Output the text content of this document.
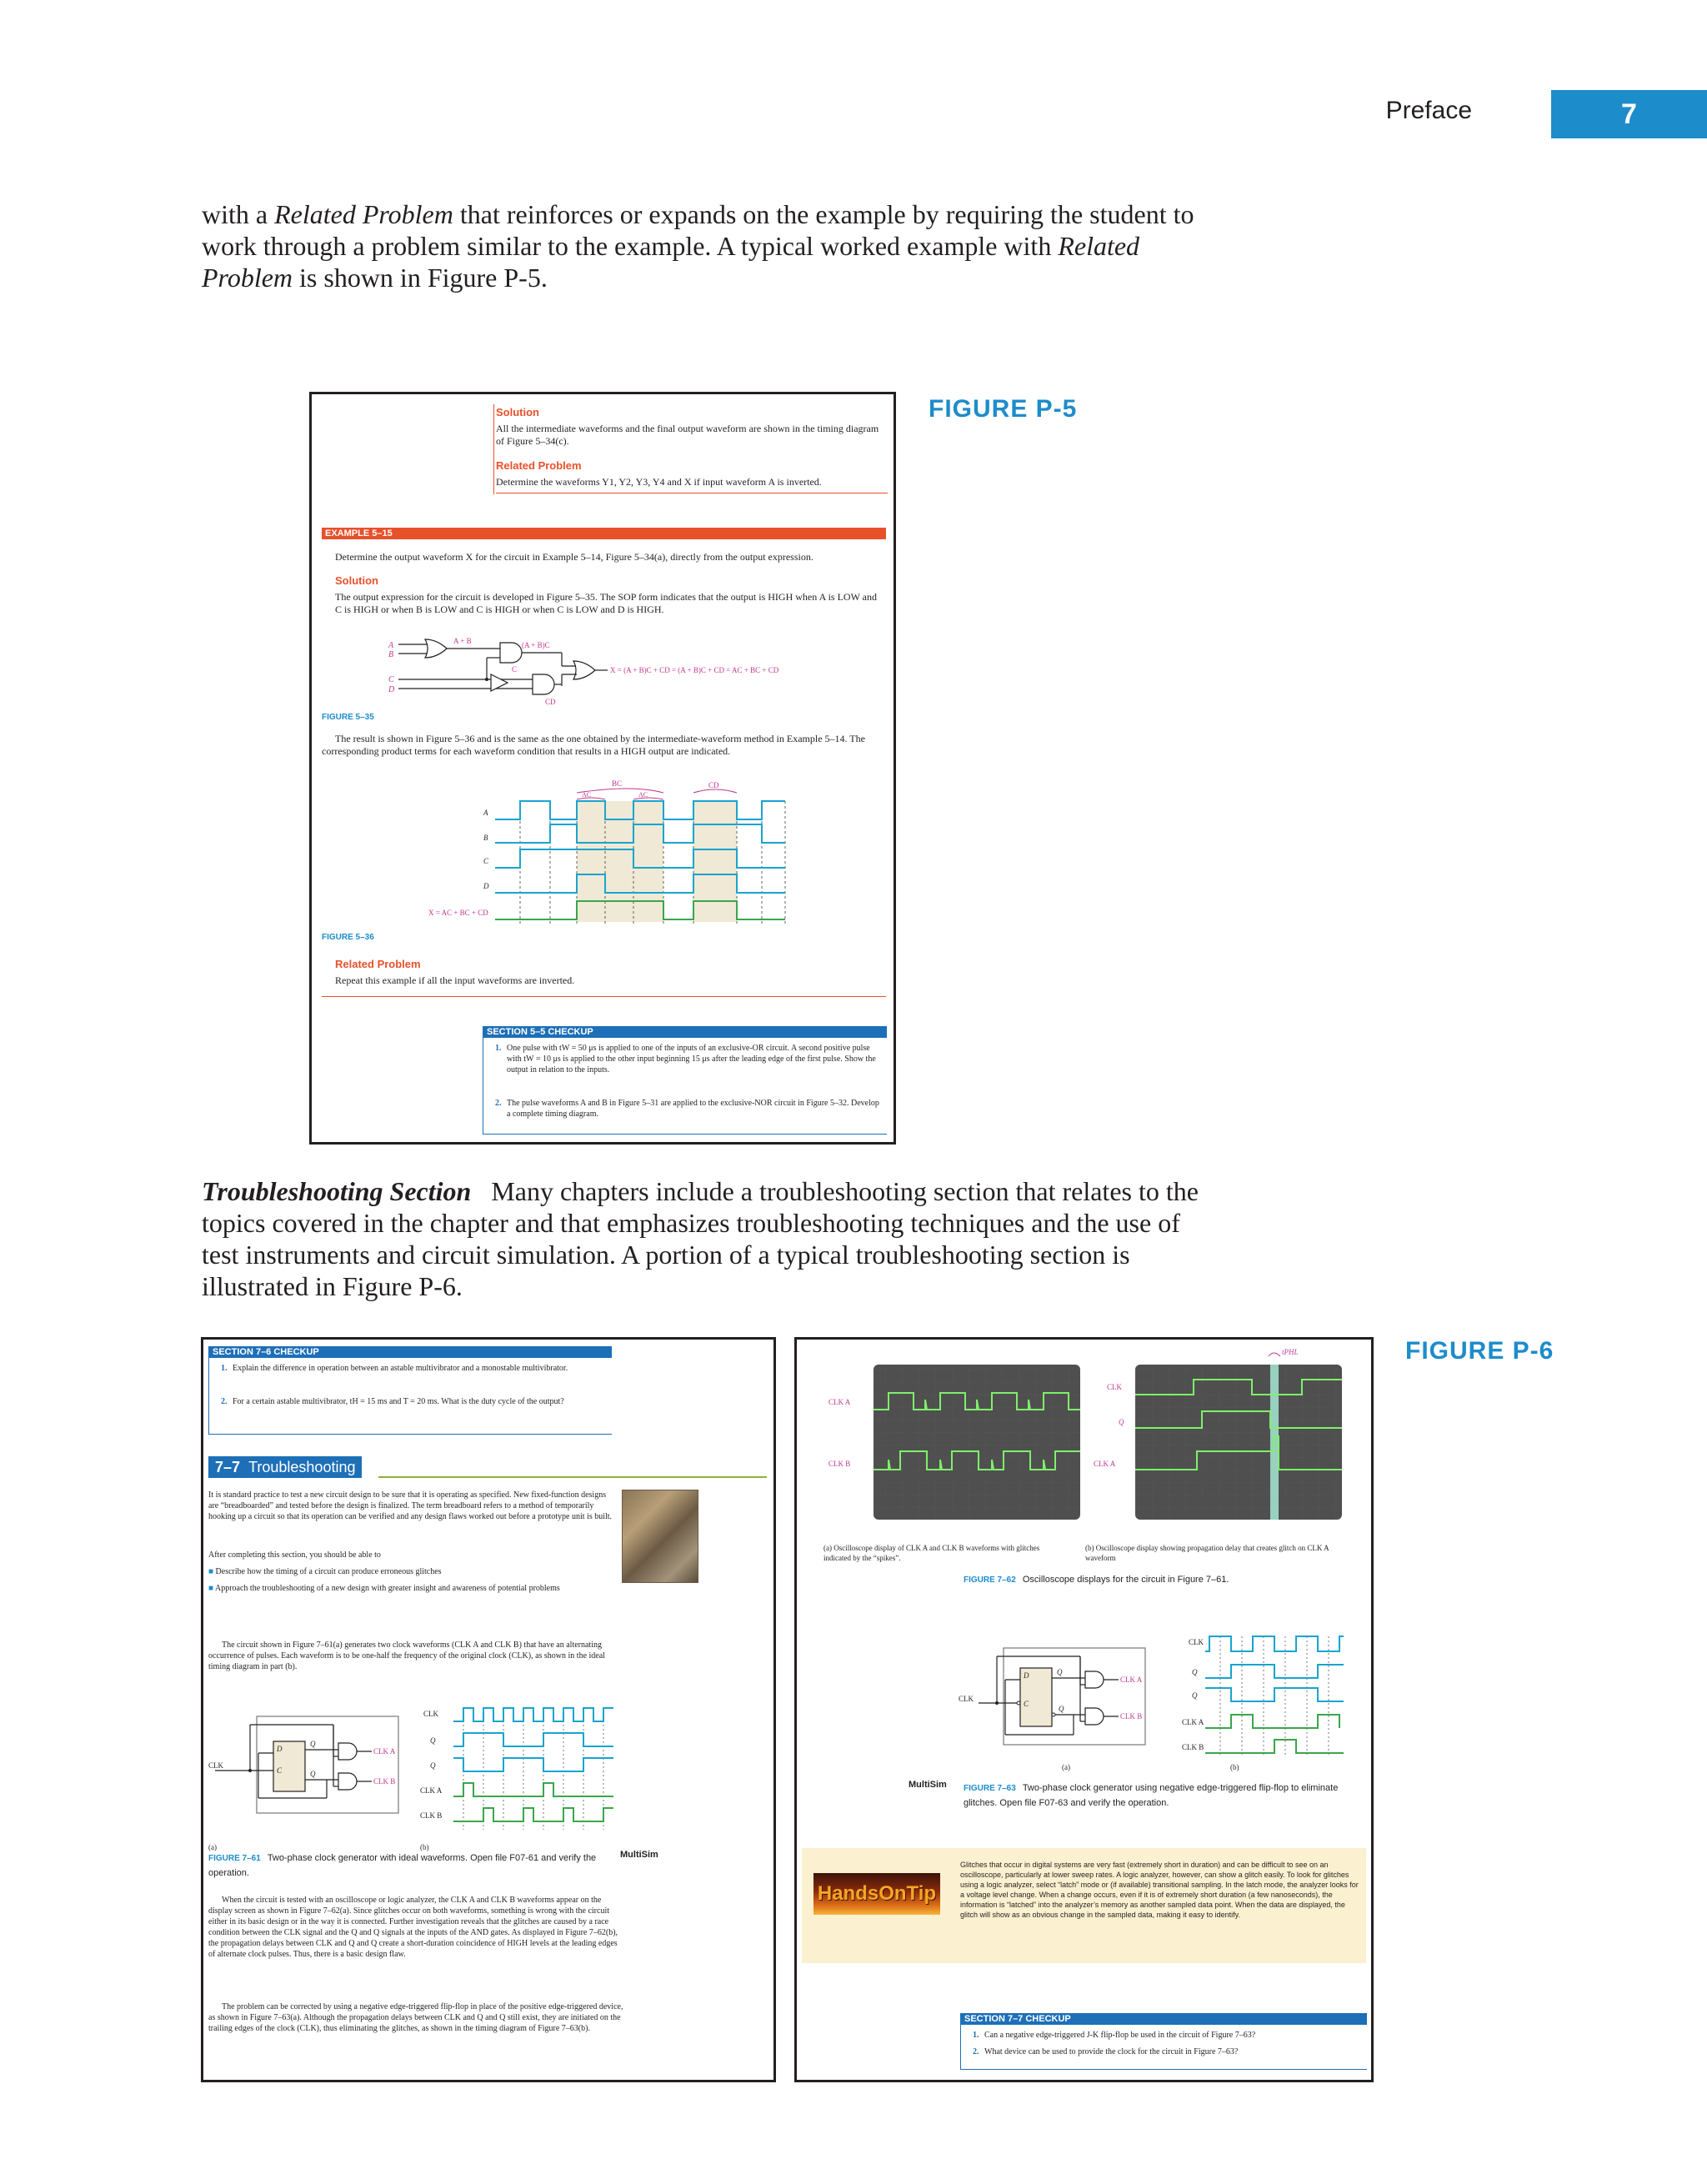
Preface	7
with a Related Problem that reinforces or expands on the example by requiring the student to work through a problem similar to the example. A typical worked example with Related Problem is shown in Figure P-5.
FIGURE P-5
Solution
All the intermediate waveforms and the final output waveform are shown in the timing diagram of Figure 5–34(c).
Related Problem
Determine the waveforms Y1, Y2, Y3, Y4 and X if input waveform A is inverted.
EXAMPLE 5–15
Determine the output waveform X for the circuit in Example 5–14, Figure 5–34(a), directly from the output expression.
Solution
The output expression for the circuit is developed in Figure 5–35. The SOP form indicates that the output is HIGH when A is LOW and C is HIGH or when B is LOW and C is HIGH or when C is LOW and D is HIGH.
A
B
C
D
A + B	(A + B)C
C
CD
X = (A + B)C + CD = (A + B)C + CD = AC + BC + CD
FIGURE 5–35
The result is shown in Figure 5–36 and is the same as the one obtained by the intermediate-waveform method in Example 5–14. The corresponding product terms for each waveform condition that results in a HIGH output are indicated.
BC	CD
AC	AC
A
B
C
D
X = AC + BC + CD
FIGURE 5–36
Related Problem
Repeat this example if all the input waveforms are inverted.
SECTION 5–5 CHECKUP
1. One pulse with tW = 50 μs is applied to one of the inputs of an exclusive-OR circuit. A second positive pulse with tW = 10 μs is applied to the other input beginning 15 μs after the leading edge of the first pulse. Show the output in relation to the inputs.
2. The pulse waveforms A and B in Figure 5–31 are applied to the exclusive-NOR circuit in Figure 5–32. Develop a complete timing diagram.
Troubleshooting Section Many chapters include a troubleshooting section that relates to the topics covered in the chapter and that emphasizes troubleshooting techniques and the use of test instruments and circuit simulation. A portion of a typical troubleshooting section is illustrated in Figure P-6.
FIGURE P-6
SECTION 7–6 CHECKUP
1. Explain the difference in operation between an astable multivibrator and a monostable multivibrator.
2. For a certain astable multivibrator, tH = 15 ms and T = 20 ms. What is the duty cycle of the output?
7–7 Troubleshooting
It is standard practice to test a new circuit design to be sure that it is operating as specified. New fixed-function designs are “breadboarded” and tested before the design is finalized. The term breadboard refers to a method of temporarily hooking up a circuit so that its operation can be verified and any design flaws worked out before a prototype unit is built.
After completing this section, you should be able to
■ Describe how the timing of a circuit can produce erroneous glitches
■ Approach the troubleshooting of a new design with greater insight and awareness of potential problems
The circuit shown in Figure 7–61(a) generates two clock waveforms (CLK A and CLK B) that have an alternating occurrence of pulses. Each waveform is to be one-half the frequency of the original clock (CLK), as shown in the ideal timing diagram in part (b).
CLK
D
Q
C	Q
CLK A
CLK B
(a)	(b)
CLK
Q
Q
CLK A
CLK B
FIGURE 7–61 Two-phase clock generator with ideal waveforms. Open file F07-61 and verify the operation.
MultiSim
When the circuit is tested with an oscilloscope or logic analyzer, the CLK A and CLK B waveforms appear on the display screen as shown in Figure 7–62(a). Since glitches occur on both waveforms, something is wrong with the circuit either in its basic design or in the way it is connected. Further investigation reveals that the glitches are caused by a race condition between the CLK signal and the Q and Q signals at the inputs of the AND gates. As displayed in Figure 7–62(b), the propagation delays between CLK and Q and Q create a short-duration coincidence of HIGH levels at the leading edges of alternate clock pulses. Thus, there is a basic design flaw.
The problem can be corrected by using a negative edge-triggered flip-flop in place of the positive edge-triggered device, as shown in Figure 7–63(a). Although the propagation delays between CLK and Q and Q still exist, they are initiated on the trailing edges of the clock (CLK), thus eliminating the glitches, as shown in the timing diagram of Figure 7–63(b).
tPHL
CLK A
CLK B
CLK
Q
CLK A
(a) Oscilloscope display of CLK A and CLK B waveforms with glitches indicated by the “spikes”.
(b) Oscilloscope display showing propagation delay that creates glitch on CLK A waveform
FIGURE 7–62 Oscilloscope displays for the circuit in Figure 7–61.
CLK
D	Q
C
Q
CLK A
CLK B
(a)	(b)
CLK
Q
Q
CLK A
CLK B
MultiSim FIGURE 7–63 Two-phase clock generator using negative edge-triggered flip-flop to eliminate glitches. Open file F07-63 and verify the operation.
HandsOnTip
Glitches that occur in digital systems are very fast (extremely short in duration) and can be difficult to see on an oscilloscope, particularly at lower sweep rates. A logic analyzer, however, can show a glitch easily. To look for glitches using a logic analyzer, select “latch” mode or (if available) transitional sampling. In the latch mode, the analyzer looks for a voltage level change. When a change occurs, even if it is of extremely short duration (a few nanoseconds), the information is “latched” into the analyzer’s memory as another sampled data point. When the data are displayed, the glitch will show as an obvious change in the sampled data, making it easy to identify.
SECTION 7–7 CHECKUP
1. Can a negative edge-triggered J-K flip-flop be used in the circuit of Figure 7–63?
2. What device can be used to provide the clock for the circuit in Figure 7–63?
